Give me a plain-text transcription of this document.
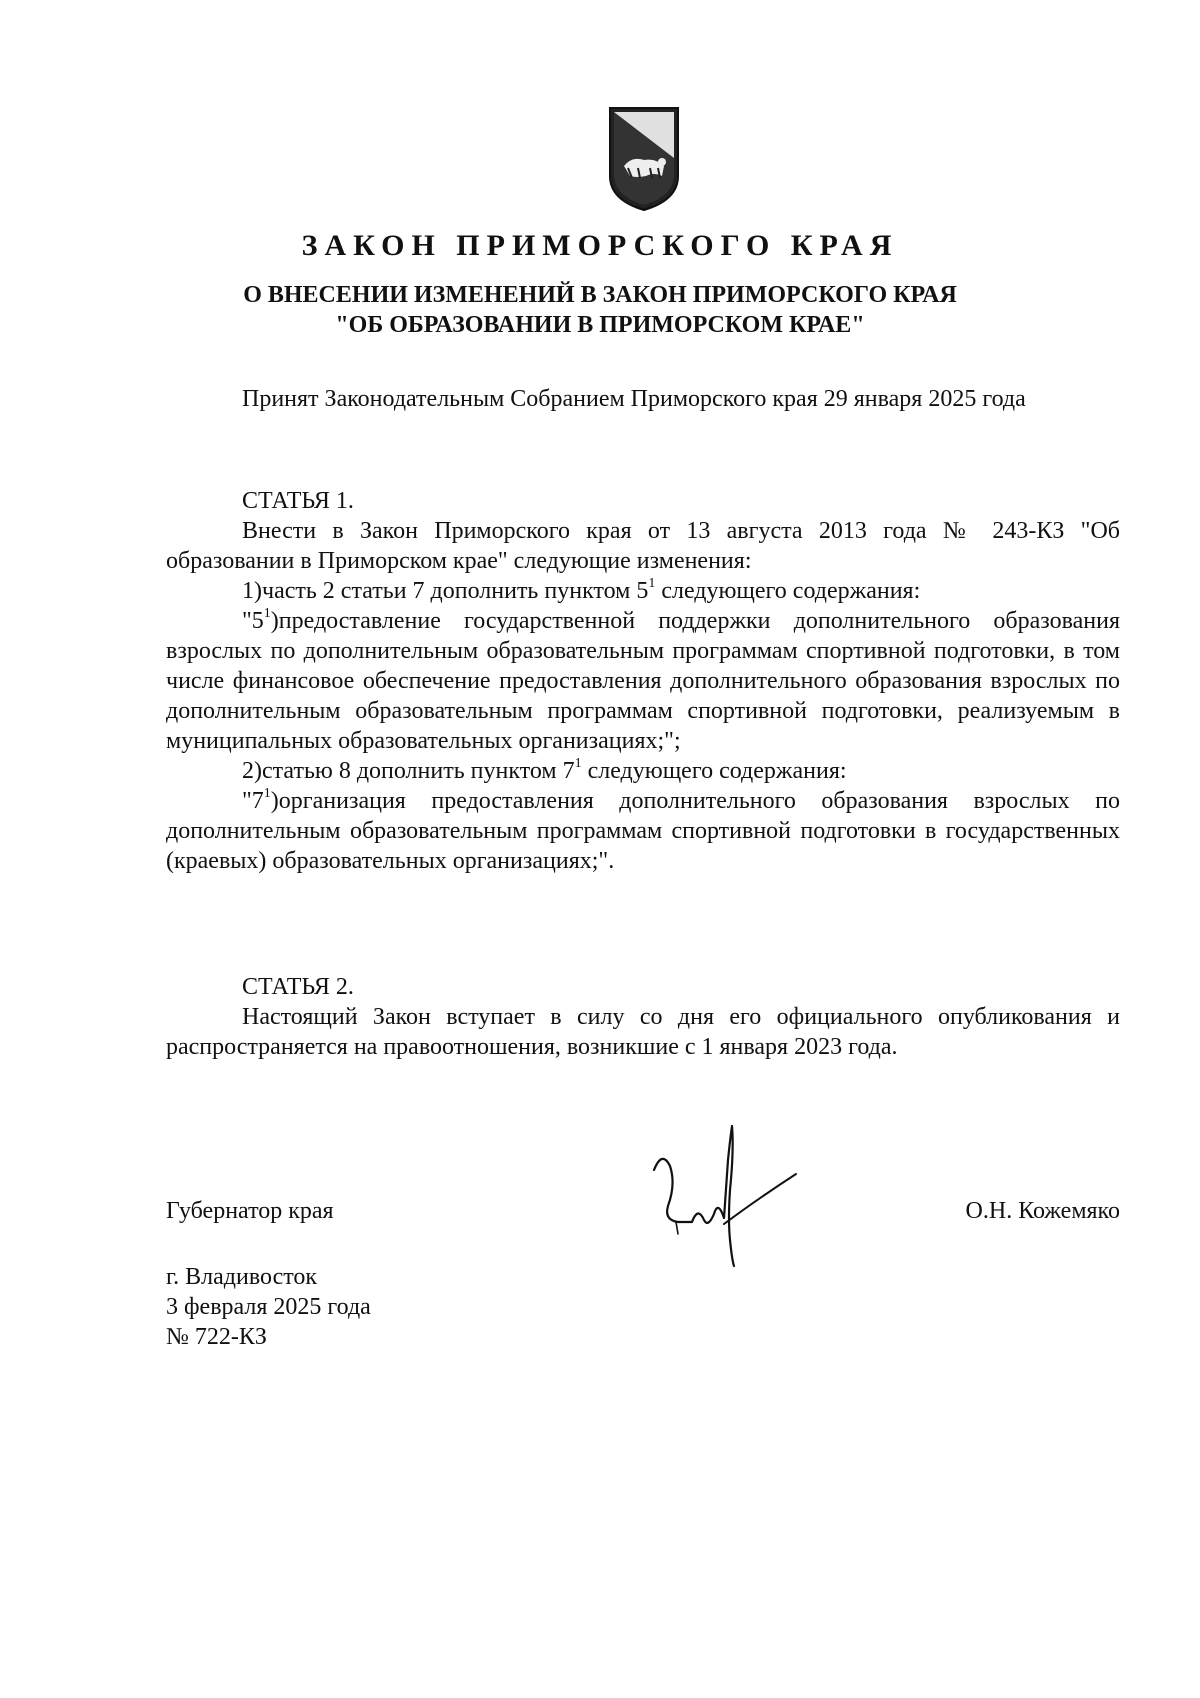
ЗАКОН ПРИМОРСКОГО КРАЯ
О ВНЕСЕНИИ ИЗМЕНЕНИЙ В ЗАКОН ПРИМОРСКОГО КРАЯ
"ОБ ОБРАЗОВАНИИ В ПРИМОРСКОМ КРАЕ"

Принят Законодательным Собранием Приморского края 29 января 2025 года

СТАТЬЯ 1.

Внести в Закон Приморского края от 13 августа 2013 года № 243-КЗ "Об образовании в Приморском крае" следующие изменения:

1)часть 2 статьи 7 дополнить пунктом $5^1$ следующего содержания:

"$5^1)предоставление$ государственной поддержки дополнительного образования взрослых по дополнительным образовательным программам спортивной подготовки, в том числе финансовое обеспечение предоставления дополнительного образования взрослых по дополнительным образовательным программам спортивной подготовки, реализуемым в муниципальных образовательных организациях;";

2)статью 8 дополнить пунктом $7^1$ следующего содержания:

"$7^1)организация$ предоставления дополнительного образования взрослых по дополнительным образовательным программам спортивной подготовки в государственных (краевых) образовательных организациях;".

СТАТЬЯ 2.

Настоящий Закон вступает в силу со дня его официального опубликования и распространяется на правоотношения, возникшие с 1 января 2023 года.

Губернатор края	О.Н. Кожемяко
г. Владивосток
3 февраля 2025 года
№ 722-КЗ
